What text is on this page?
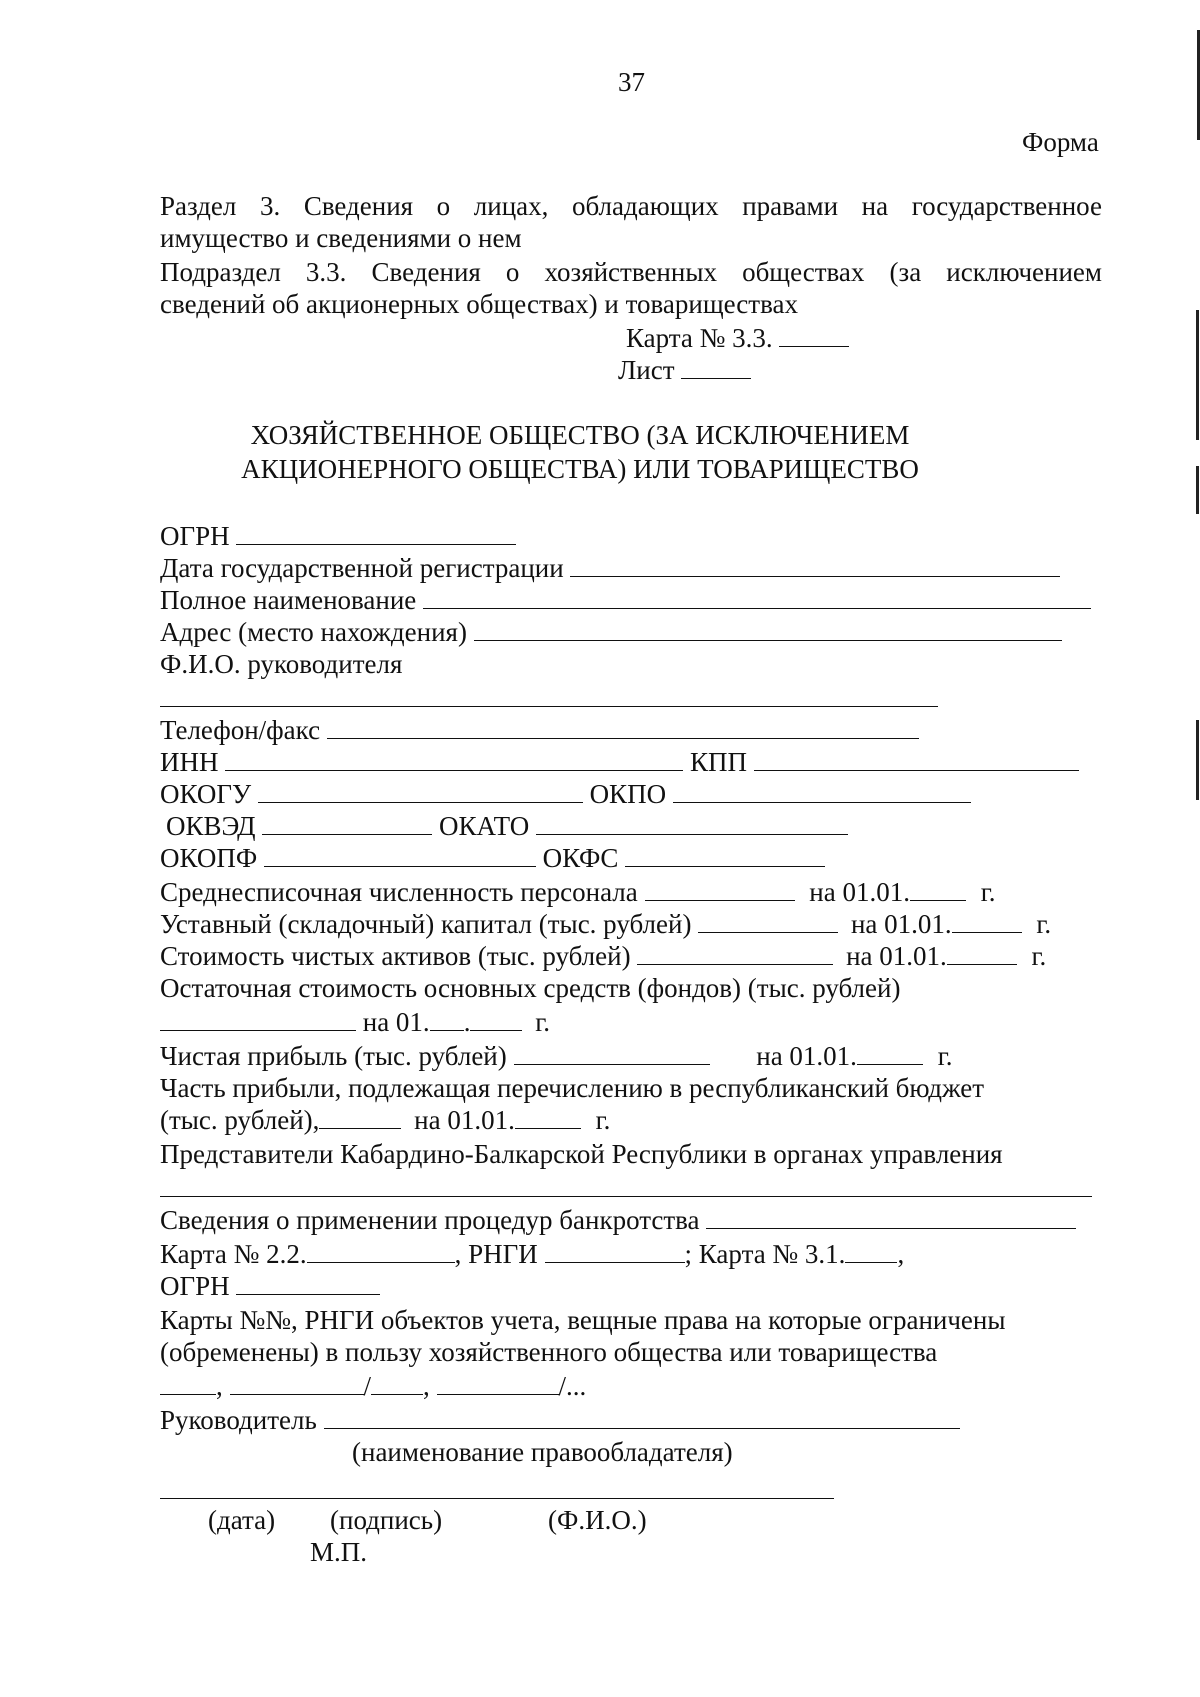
37
Форма
Раздел 3. Сведения о лицах, обладающих правами на государственное
имущество и сведениями о нем
Подраздел 3.3. Сведения о хозяйственных обществах (за исключением
сведений об акционерных обществах) и товариществах
Карта № 3.3.
Лист
ХОЗЯЙСТВЕННОЕ ОБЩЕСТВО (ЗА ИСКЛЮЧЕНИЕМ
АКЦИОНЕРНОГО ОБЩЕСТВА) ИЛИ ТОВАРИЩЕСТВО
ОГРН
Дата государственной регистрации
Полное наименование
Адрес (место нахождения)
Ф.И.О. руководителя
Телефон/факс
ИНН	КПП
ОКОГУ	ОКПО
ОКВЭД	ОКАТО
ОКОПФ	ОКФС
Среднесписочная численность персонала	на 01.01.	г.
Уставный (складочный) капитал (тыс. рублей)	на 01.01.	г.
Стоимость чистых активов (тыс. рублей)	на 01.01.	г.
Остаточная стоимость основных средств (фондов) (тыс. рублей)
на 01. . г.
Чистая прибыль (тыс. рублей)	на 01.01.	г.
Часть прибыли, подлежащая перечислению в республиканский бюджет
(тыс. рублей),	на 01.01.	г.
Представители Кабардино-Балкарской Республики в органах управления
Сведения о применении процедур банкротства
Карта № 2.2.	, РНГИ	; Карта № 3.1. ,
ОГРН
Карты №№, РНГИ объектов учета, вещные права на которые ограничены
(обременены) в пользу хозяйственного общества или товарищества
,	/ ,	/...
Руководитель
(наименование правообладателя)
(дата) (подпись)	(Ф.И.О.)
М.П.
